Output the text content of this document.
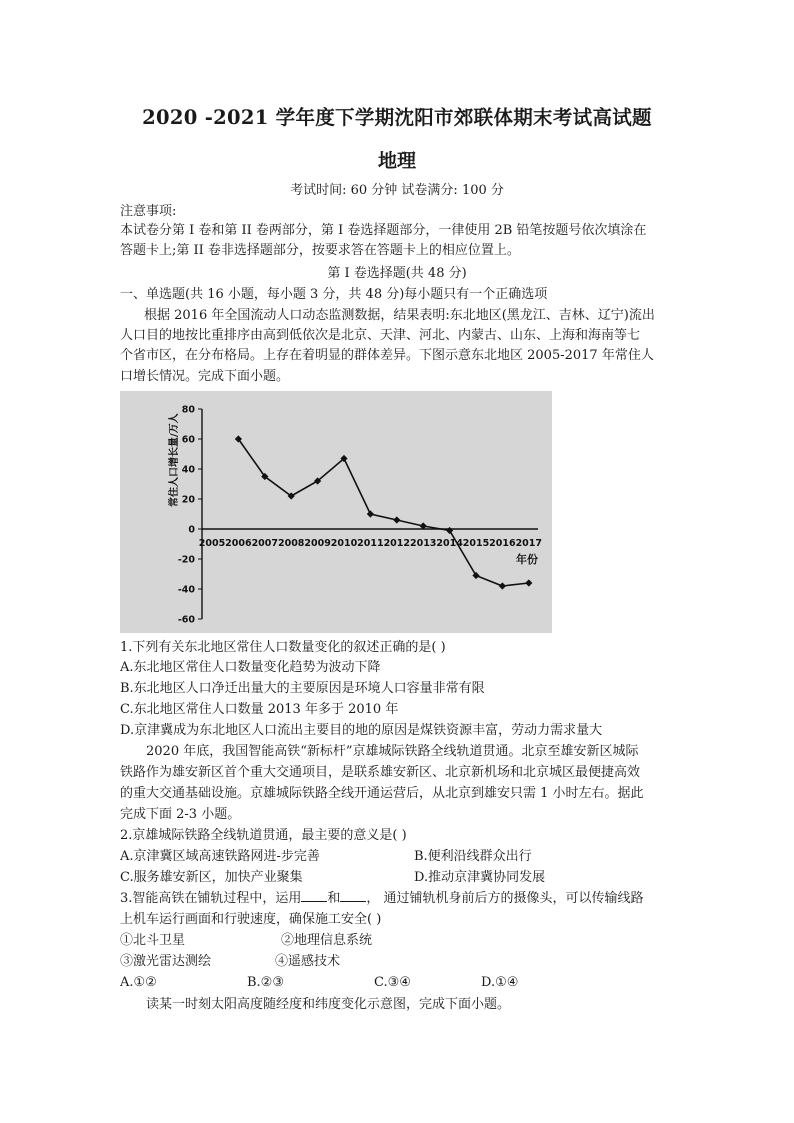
2020 -2021 学年度下学期沈阳市郊联体期末考试高试题
地理
考试时间: 60 分钟 试卷满分: 100 分
注意事项:
本试卷分第 I 卷和第 II 卷两部分，第 I 卷选择题部分，一律使用 2B 铅笔按题号依次填涂在
答题卡上;第 II 卷非选择题部分，按要求答在答题卡上的相应位置上。
第 I 卷选择题(共 48 分)
一、单选题(共 16 小题，每小题 3 分，共 48 分)每小题只有一个正确选项
根据 2016 年全国流动人口动态监测数据，结果表明:东北地区(黑龙江、吉林、辽宁)流出
人口目的地按比重排序由高到低依次是北京、天津、河北、内蒙古、山东、上海和海南等七
个省市区，在分布格局。上存在着明显的群体差异。下图示意东北地区 2005-2017 年常住人
口增长情况。完成下面小题。
80
60
40
20
0
-20
-40
-60
2005 2006 2007 2008 2009 2010 2011 2012 2013 2014 2015 2016 2017
常住人口增长量/万人
年份
1.下列有关东北地区常住人口数量变化的叙述正确的是( )
A.东北地区常住人口数量变化趋势为波动下降
B.东北地区人口净迁出量大的主要原因是环境人口容量非常有限
C.东北地区常住人口数量 2013 年多于 2010 年
D.京津冀成为东北地区人口流出主要目的地的原因是煤铁资源丰富，劳动力需求量大
2020 年底，我国智能高铁“新标杆”京雄城际铁路全线轨道贯通。北京至雄安新区城际
铁路作为雄安新区首个重大交通项目，是联系雄安新区、北京新机场和北京城区最便捷高效
的重大交通基础设施。京雄城际铁路全线开通运营后，从北京到雄安只需 1 小时左右。据此
完成下面 2-3 小题。
2.京雄城际铁路全线轨道贯通，最主要的意义是( )
A.京津冀区域高速铁路网进-步完善	B.便利沿线群众出行
C.服务雄安新区，加快产业聚集	D.推动京津冀协同发展
3.智能高铁在铺轨过程中，运用 和 ， 通过铺轨机身前后方的摄像头，可以传输线路
上机车运行画面和行驶速度，确保施工安全( )
①北斗卫星	②地理信息系统
③激光雷达测绘	④遥感技术
A.①②	B.②③	C.③④	D.①④
读某一时刻太阳高度随经度和纬度变化示意图，完成下面小题。
